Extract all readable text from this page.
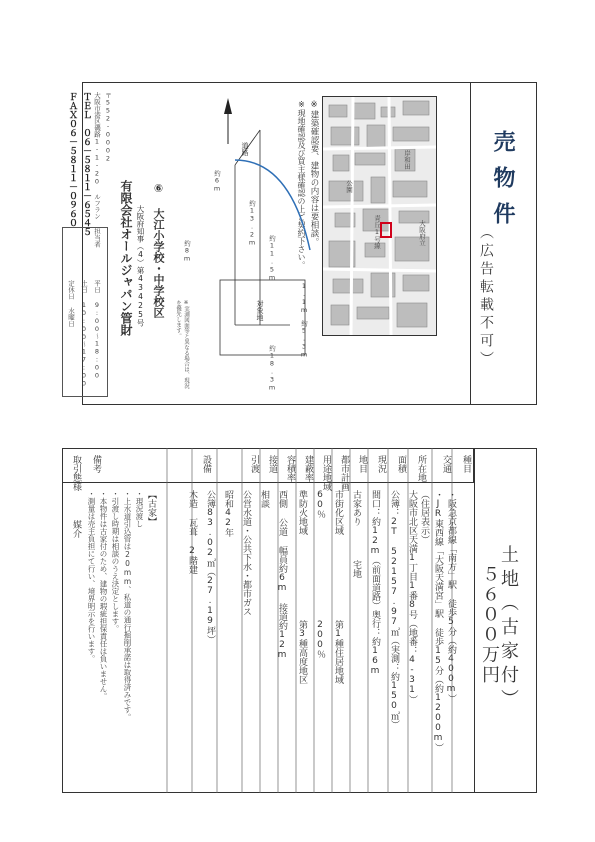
売物件
（広告転載不可）
大阪府立
岸和田
青丘1号線
公園
※現地確認及び買主様確認の上ご契約下さい。 ※建築確認要、建物の内容は要相談。
1.1m
約5.3m
約13.2m
約11.5m
約18.3m
約8m
約6m
対象地
道路
※実測図面等と異なる場合は、現況を優先します。
⑥ 大江小学校・中学校区
大阪府知事（4）第43425号
有限会社オールジャパン管財
〒552-0002
大阪市港区磯路1-1-20 ルフラン
ＴＥＬ　０６－５８１１－６５４５
ＦＡＸ０６－５８１１－０９６０
担当者
平日 9:00〜18:00
土日 10:00〜17:00
定休日 水曜日
土地（古家付）
５６００万円
種目
交通
所在地
面積
現況
地目
都市計画
用途地域
建蔽率
容積率
接道
引渡
設備
備考
・阪急京都線「南方」駅 徒歩5分（約400m）
・JR東西線「大阪天満宮」駅 徒歩15分（約1200m）
（住居表示）
大阪市北区天満1丁目1番8号（地番：4-31）
公簿：2T 52157.97㎡（実測：約150㎡）
間口：約12m（前面道路）奥行：約16m
古家あり
宅地
市街化区域
第1種住居地域
60％
準防火地域
200％
第3種高度地区
西側 公道 幅員約6m 接道約12m
相談
公営水道・公共下水・都市ガス
昭和42年
公簿83.02㎡（27.19坪）
木造 瓦葺 2階建
【古家】
・現況渡し
・上水道引込管は20mm、私道の通行掘削承諾は取得済みです。
・引渡し時期は相談のうえ決定とします。
・本物件は古家付のため、建物の瑕疵担保責任は負いません。
・測量は売主負担にて行い、境界明示を行います。
取引態様
媒介
